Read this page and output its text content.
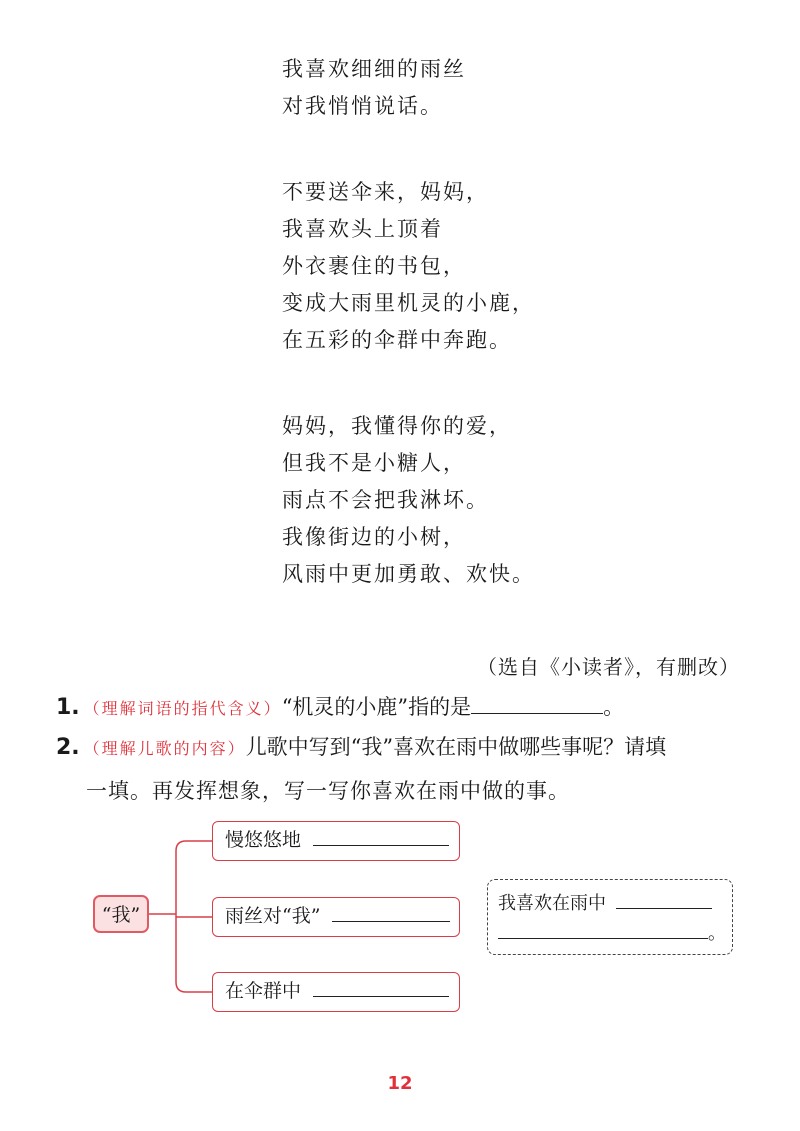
我喜欢细细的雨丝
对我悄悄说话。
不要送伞来，妈妈，
我喜欢头上顶着
外衣裹住的书包，
变成大雨里机灵的小鹿，
在五彩的伞群中奔跑。
妈妈，我懂得你的爱，
但我不是小糖人，
雨点不会把我淋坏。
我像街边的小树，
风雨中更加勇敢、欢快。
（选自《小读者》，有删改）
1. （理解词语的指代含义）“机灵的小鹿”指的是	。
2. （理解儿歌的内容）儿歌中写到“我”喜欢在雨中做哪些事呢？请填
一填。再发挥想象，写一写你喜欢在雨中做的事。
“我”
慢悠悠地
雨丝对“我”
在伞群中
我喜欢在雨中
。
12
